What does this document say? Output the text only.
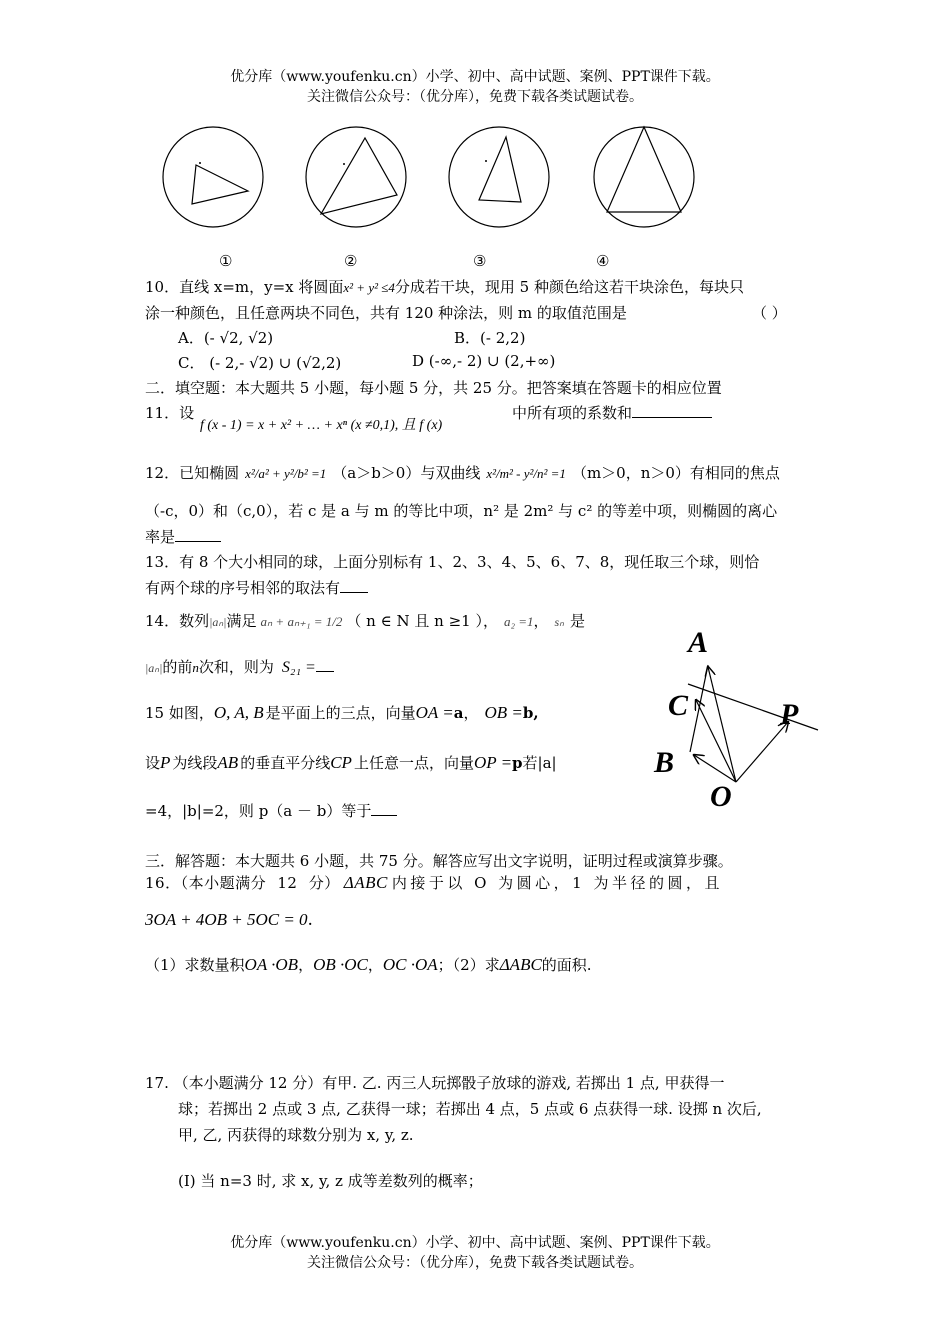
优分库（www.youfenku.cn）小学、初中、高中试题、案例、PPT课件下载。
关注微信公众号：（优分库），免费下载各类试题试卷。
①	②	③	④
10．直线 x=m，y=x 将圆面x² + y² ≤4分成若干块，现用 5 种颜色给这若干块涂色，每块只
涂一种颜色，且任意两块不同色，共有 120 种涂法，则 m 的取值范围是	（ ）
A．(- √2, √2)	B．(- 2,2)
C． (- 2,- √2) ∪ (√2,2)	D (-∞,- 2) ∪ (2,+∞)
二．填空题：本大题共 5 小题，每小题 5 分，共 25 分。把答案填在答题卡的相应位置
11．设
f (x - 1) = x + x² + … + xⁿ (x ≠0,1), 且 f (x)
中所有项的系数和
12．已知椭圆 x²/a² + y²/b² =1 （a＞b＞0）与双曲线 x²/m² - y²/n² =1 （m＞0，n＞0）有相同的焦点
（-c，0）和（c,0），若 c 是 a 与 m 的等比中项，n² 是 2m² 与 c² 的等差中项，则椭圆的离心
率是
13．有 8 个大小相同的球，上面分别标有 1、2、3、4、5、6、7、8，现任取三个球，则恰
有两个球的序号相邻的取法有
14．数列|aₙ|满足 aₙ + aₙ₊₁ = 1/2 （ n ∈ N 且 n ≥1 ）， a₂ =1， sₙ 是
|aₙ|的前n次和，则为 S₂₁ =
15 如图，O, A, B 是平面上的三点，向量OA =a， OB =b,
设P 为线段AB 的垂直平分线CP 上任意一点，向量OP =p若|a|
=4，|b|=2，则 p（a － b）等于
A
C	P
B
O
三．解答题：本大题共 6 小题，共 75 分。解答应写出文字说明，证明过程或演算步骤。
16．（本小题满分 12 分） ΔABC 内接于以 O 为圆心，1 为半径的圆，且
3OA + 4OB + 5OC = 0.
（1）求数量积OA ·OB，OB ·OC，OC ·OA；（2）求ΔABC的面积.
17. （本小题满分 12 分）有甲. 乙. 丙三人玩掷骰子放球的游戏, 若掷出 1 点, 甲获得一
球；若掷出 2 点或 3 点, 乙获得一球；若掷出 4 点，5 点或 6 点获得一球. 设掷 n 次后,
甲, 乙, 丙获得的球数分别为 x, y, z.
(Ⅰ) 当 n=3 时, 求 x, y, z 成等差数列的概率；
优分库（www.youfenku.cn）小学、初中、高中试题、案例、PPT课件下载。
关注微信公众号：（优分库），免费下载各类试题试卷。
